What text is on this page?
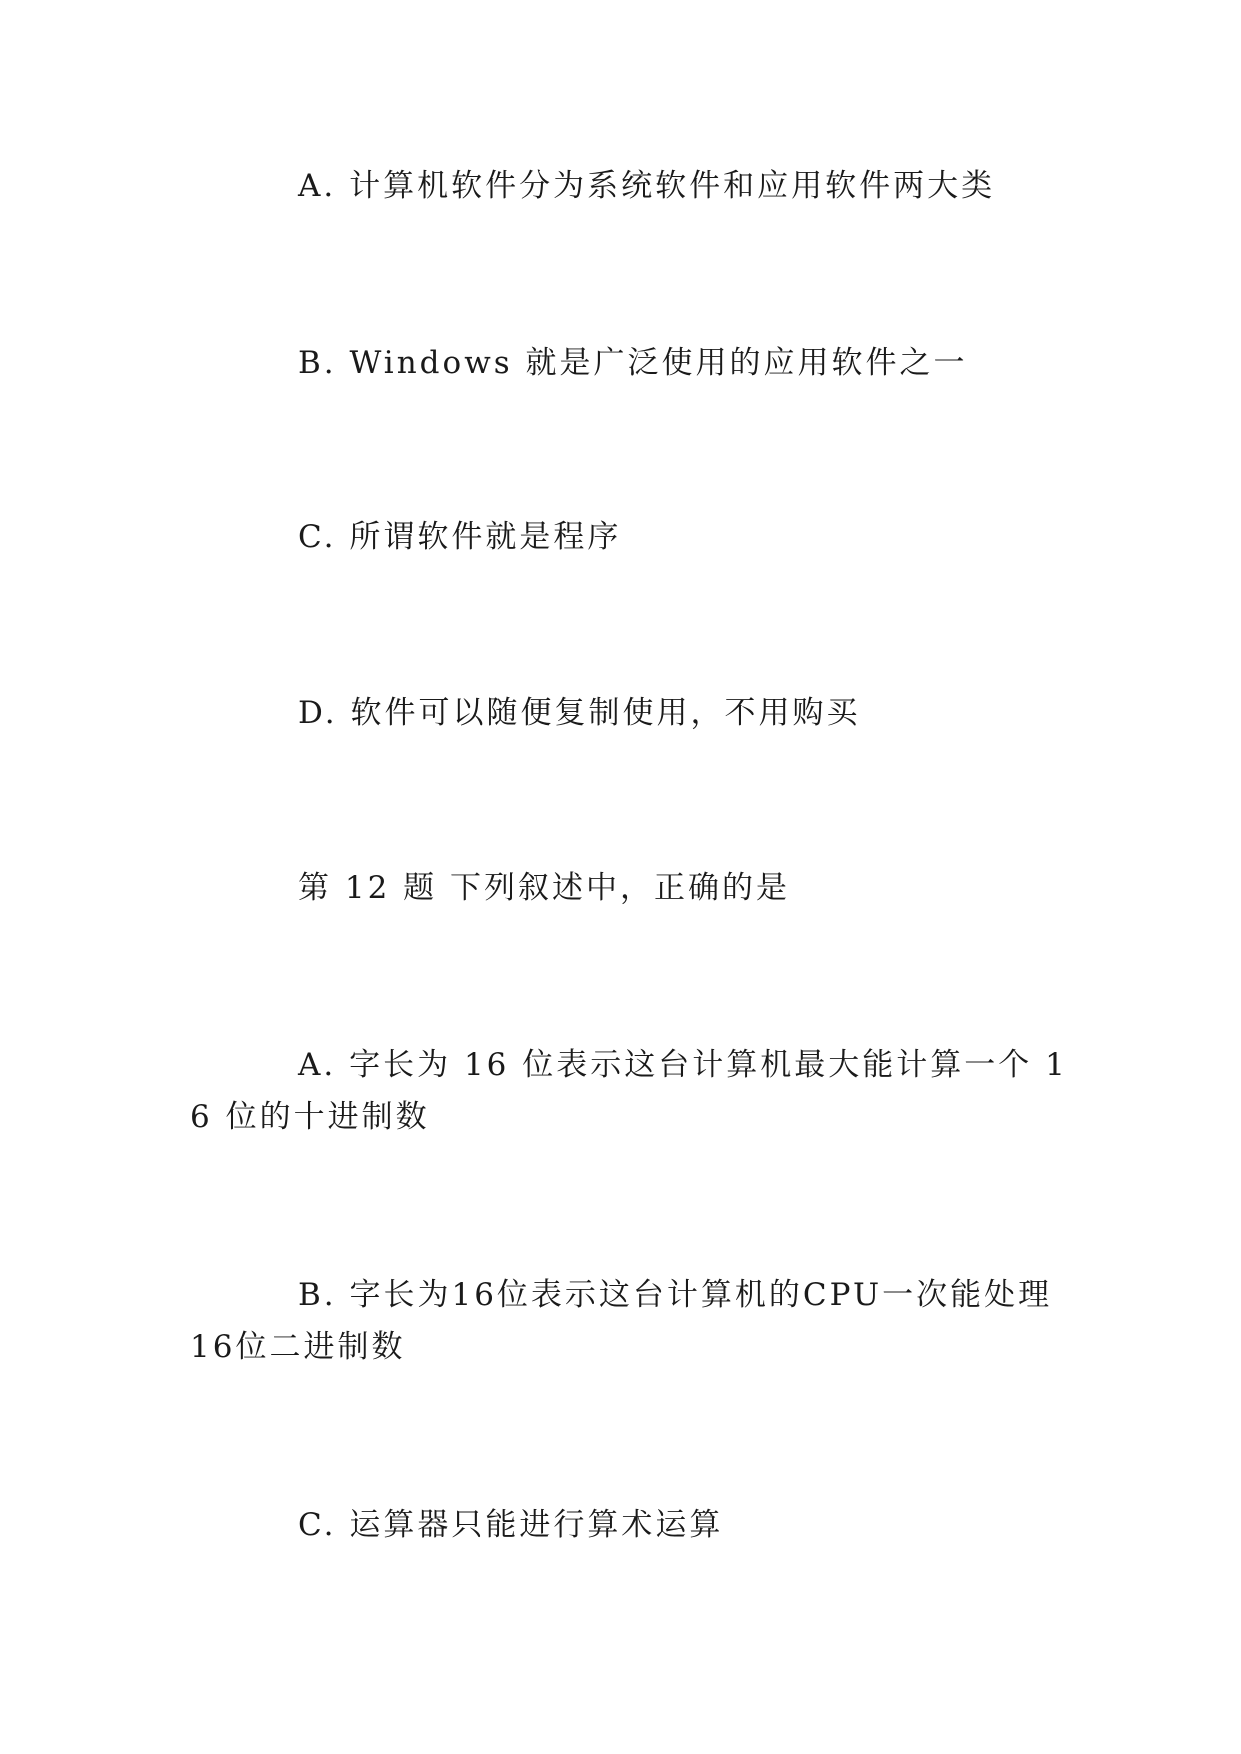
A. 计算机软件分为系统软件和应用软件两大类
B. Windows 就是广泛使用的应用软件之一
C. 所谓软件就是程序
D. 软件可以随便复制使用，不用购买
第 12 题 下列叙述中，正确的是
A. 字长为 16 位表示这台计算机最大能计算一个 16 位的十进制数
B. 字长为16位表示这台计算机的CPU一次能处理16位二进制数
C. 运算器只能进行算术运算
